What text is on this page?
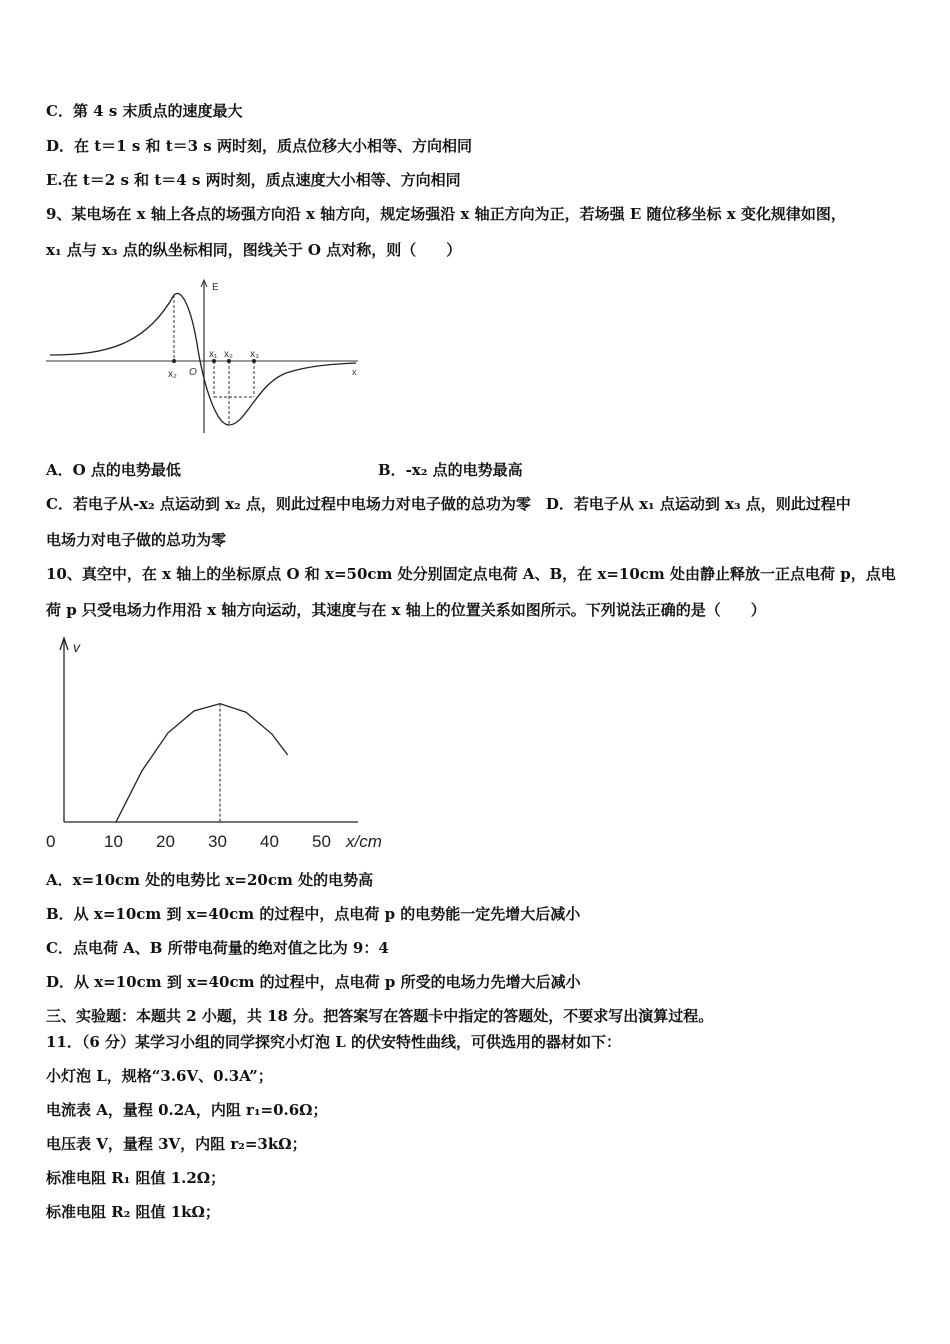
C．第 4 s 末质点的速度最大
D．在 t＝1 s 和 t＝3 s 两时刻，质点位移大小相等、方向相同
E.在 t＝2 s 和 t＝4 s 两时刻，质点速度大小相等、方向相同
9、某电场在 x 轴上各点的场强方向沿 x 轴方向，规定场强沿 x 轴正方向为正，若场强 E 随位移坐标 x 变化规律如图，
x₁ 点与 x₃ 点的纵坐标相同，图线关于 O 点对称，则（　　）
E
x₂ O
x₁ x₂ x₃
x
A．O 点的电势最低	B．-x₂ 点的电势最高
C．若电子从-x₂ 点运动到 x₂ 点，则此过程中电场力对电子做的总功为零　D．若电子从 x₁ 点运动到 x₃ 点，则此过程中
电场力对电子做的总功为零
10、真空中，在 x 轴上的坐标原点 O 和 x=50cm 处分别固定点电荷 A、B，在 x=10cm 处由静止释放一正点电荷 p，点电
荷 p 只受电场力作用沿 x 轴方向运动，其速度与在 x 轴上的位置关系如图所示。下列说法正确的是（　　）
v
0	10 20 30 40 50 x/cm
A．x=10cm 处的电势比 x=20cm 处的电势高
B．从 x=10cm 到 x=40cm 的过程中，点电荷 p 的电势能一定先增大后减小
C．点电荷 A、B 所带电荷量的绝对值之比为 9：4
D．从 x=10cm 到 x=40cm 的过程中，点电荷 p 所受的电场力先增大后减小
三、实验题：本题共 2 小题，共 18 分。把答案写在答题卡中指定的答题处，不要求写出演算过程。
11．（6 分）某学习小组的同学探究小灯泡 L 的伏安特性曲线，可供选用的器材如下：
小灯泡 L，规格“3.6V、0.3A”；
电流表 A，量程 0.2A，内阻 r₁=0.6Ω；
电压表 V，量程 3V，内阻 r₂=3kΩ；
标准电阻 R₁ 阻值 1.2Ω；
标准电阻 R₂ 阻值 1kΩ；
